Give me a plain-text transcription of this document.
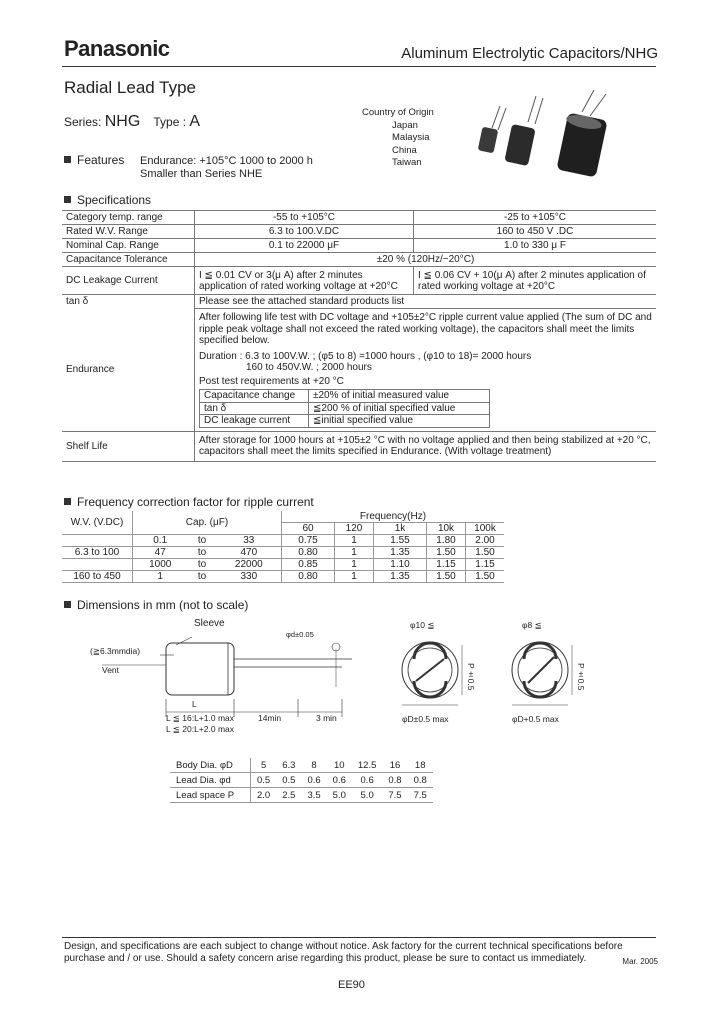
Panasonic	Aluminum Electrolytic Capacitors/NHG
Radial Lead Type
Series: NHG Type : A
Country of Origin
Japan
Malaysia
China
Taiwan
Features Endurance: +105°C 1000 to 2000 h
Smaller than Series NHE
Specifications
Category temp. range	-55 to +105°C	-25 to +105°C
Rated W.V. Range	6.3 to 100.V.DC	160 to 450 V .DC
Nominal Cap. Range	0.1 to 22000 μF	1.0 to 330 μ F
Capacitance Tolerance	±20 % (120Hz/−20°C)
DC Leakage Current	I ≦ 0.01 CV or 3(μ A) after 2 minutes application of rated working voltage at +20°C	I ≦ 0.06 CV + 10(μ A) after 2 minutes application of rated working voltage at +20°C
tan δ	Please see the attached standard products list
Endurance	
After following life test with DC voltage and +105±2°C ripple current value applied (The sum of DC and ripple peak voltage shall not exceed the rated working voltage), the capacitors shall meet the limits specified below.
Duration : 6.3 to 100V.W. ; (φ5 to 8) =1000 hours , (φ10 to 18)= 2000 hours
160 to 450V.W. ; 2000 hours
Post test requirements at +20 °C
Capacitance change	±20% of initial measured value
tan δ	≦200 % of initial specified value
DC leakage current	≦initial specified value

Shelf Life	After storage for 1000 hours at +105±2 °C with no voltage applied and then being stabilized at +20 °C, capacitors shall meet the limits specified in Endurance. (With voltage treatment)
Frequency correction factor for ripple current
W.V. (V.DC)	Cap. (μF)			Frequency(Hz)				
				60	120	1k	10k	100k
	0.1	to	33	0.75	1	1.55	1.80	2.00
6.3 to 100	47	to	470	0.80	1	1.35	1.50	1.50
	1000	to	22000	0.85	1	1.10	1.15	1.15
160 to 450	1	to	330	0.80	1	1.35	1.50	1.50
Dimensions in mm (not to scale)
Sleeve
(≧6.3mmdia)
Vent
φd±0.05
L
L ≦ 16:L+1.0 max
L ≦ 20:L+2.0 max
14min	3 min
φ10 ≦	φ8 ≦
P±0.5	P±0.5
φD±0.5 max	φD+0.5 max
Body Dia. φD	5	6.3	8	10	12.5	16	18
Lead Dia. φd	0.5	0.5	0.6	0.6	0.6	0.8	0.8
Lead space P	2.0	2.5	3.5	5.0	5.0	7.5	7.5
Design, and specifications are each subject to change without notice. Ask factory for the current technical specifications before purchase and / or use. Should a safety concern arise regarding this product, please be sure to contact us immediately.	Mar. 2005
EE90
